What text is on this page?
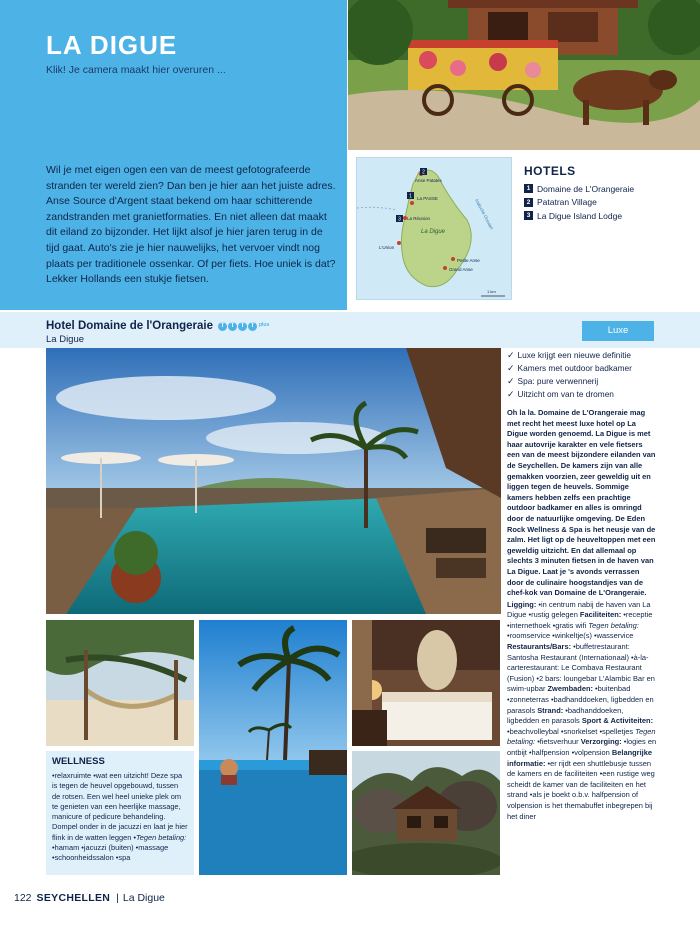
LA DIGUE
Klik! Je camera maakt hier overuren ...

Wil je met eigen ogen een van de meest gefotografeerde stranden ter wereld zien? Dan ben je hier aan het juiste adres. Anse Source d'Argent staat bekend om haar schitterende zandstranden met granietformaties. En niet alleen dat maakt dit eiland zo bijzonder. Het lijkt alsof je hier jaren terug in de tijd gaat. Auto's zie je hier nauwelijks, het vervoer vindt nog plaats per traditionele ossenkar. Of per fiets. Hoe uniek is dat? Lekker Hollands een stukje fietsen.

2
1
3
Anse Patates
La PASSE
La Réunion
L'Union
La Digue
Petite Anse
Grand Anse
Indische Oceaan
1 km
HOTELS
1 Domaine de L'Orangeraie
2 Patatran Village
3 La Digue Island Lodge
Hotel Domaine de l'Orangeraie	T	T	T	T plus
La Digue
Luxe
WELLNESS

•relaxruimte •wat een uitzicht! Deze spa is tegen de heuvel opgebouwd, tussen de rotsen. Een wel heel unieke plek om te genieten van een heerlijke massage, manicure of pedicure behandeling. Dompel onder in de jacuzzi en laat je hier flink in de watten leggen •Tegen betaling: •hamam •jacuzzi (buiten) •massage •schoonheidssalon •spa

✓ Luxe krijgt een nieuwe definitie
✓ Kamers met outdoor badkamer
✓ Spa: pure verwennerij
✓ Uitzicht om van te dromen

Oh la la. Domaine de L'Orangeraie mag met recht het meest luxe hotel op La Digue worden genoemd. La Digue is met haar autovrije karakter en vele fietsers een van de meest bijzondere eilanden van de Seychellen. De kamers zijn van alle gemakken voorzien, zeer geweldig uit en liggen tegen de heuvels. Sommige kamers hebben zelfs een prachtige outdoor badkamer en alles is omringd door de natuurlijke omgeving. De Eden Rock Wellness & Spa is het neusje van de zalm. Het ligt op de heuveltoppen met een geweldig uitzicht. En dat allemaal op slechts 3 minuten fietsen in de haven van La Digue. Laat je 's avonds verrassen door de culinaire hoogstandjes van de chef-kok van Domaine de L'Orangeraie.

Ligging: •in centrum nabij de haven van La Digue •rustig gelegen Faciliteiten: •receptie •internethoek •gratis wifi Tegen betaling: •roomservice •winkeltje(s) •wasservice Restaurants/Bars: •buffetrestaurant: Santosha Restaurant (Internationaal) •à-la-carterestaurant: Le Combava Restaurant (Fusion) •2 bars: loungebar L'Alambic Bar en swim-upbar Zwembaden: •buitenbad •zonneterras •badhanddoeken, ligbedden en parasols Strand: •badhanddoeken, ligbedden en parasols Sport & Activiteiten: •beachvolleybal •snorkelset •spelletjes Tegen betaling: •fietsverhuur Verzorging: •logies en ontbijt •halfpension •volpension Belangrijke informatie: •er rijdt een shuttlebusje tussen de kamers en de faciliteiten •een rustige weg scheidt de kamer van de faciliteiten en het strand •als je boekt o.b.v. halfpension of volpension is het themabuffet inbegrepen bij het diner
122 SEYCHELLEN | La Digue
